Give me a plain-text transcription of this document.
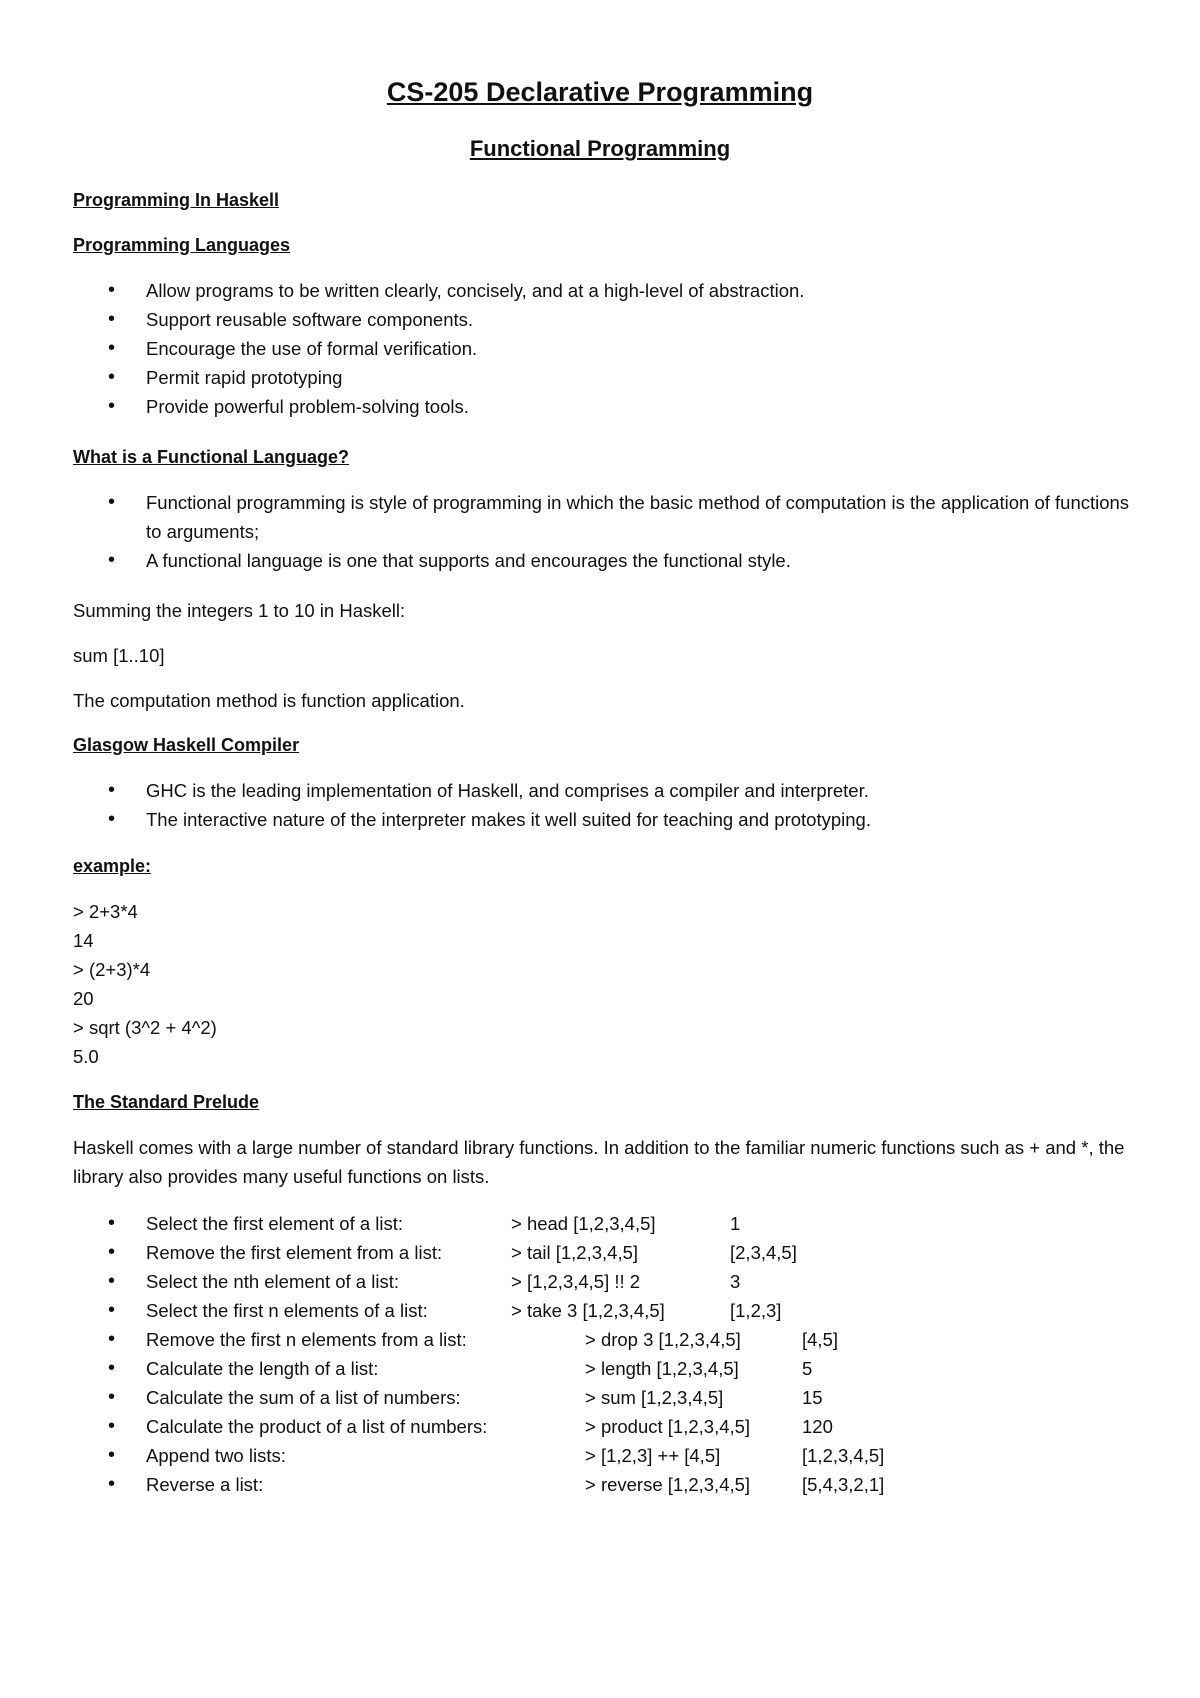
CS-205 Declarative Programming
Functional Programming
Programming In Haskell
Programming Languages
• Allow programs to be written clearly, concisely, and at a high-level of abstraction.
• Support reusable software components.
• Encourage the use of formal verification.
• Permit rapid prototyping
• Provide powerful problem-solving tools.
What is a Functional Language?
• Functional programming is style of programming in which the basic method of computation is the application of functions to arguments;
• A functional language is one that supports and encourages the functional style.
Summing the integers 1 to 10 in Haskell:
sum [1..10]
The computation method is function application.
Glasgow Haskell Compiler
• GHC is the leading implementation of Haskell, and comprises a compiler and interpreter.
• The interactive nature of the interpreter makes it well suited for teaching and prototyping.
example:
> 2+3*4
14
> (2+3)*4
20
> sqrt (3^2 + 4^2)
5.0
The Standard Prelude
Haskell comes with a large number of standard library functions. In addition to the familiar numeric functions such as + and *, the library also provides many useful functions on lists.
• Select the first element of a list:	> head [1,2,3,4,5]	1
• Remove the first element from a list:	> tail [1,2,3,4,5]	[2,3,4,5]
• Select the nth element of a list:	> [1,2,3,4,5] !! 2	3
• Select the first n elements of a list:	> take 3 [1,2,3,4,5]	[1,2,3]
• Remove the first n elements from a list:	> drop 3 [1,2,3,4,5]	[4,5]
• Calculate the length of a list:	> length [1,2,3,4,5]	5
• Calculate the sum of a list of numbers:	> sum [1,2,3,4,5]	15
• Calculate the product of a list of numbers:	> product [1,2,3,4,5]	120
• Append two lists:	> [1,2,3] ++ [4,5]	[1,2,3,4,5]
• Reverse a list:	> reverse [1,2,3,4,5]	[5,4,3,2,1]
